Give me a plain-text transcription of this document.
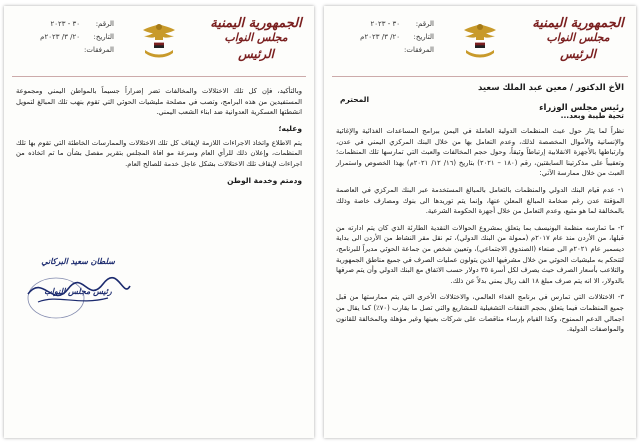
الجمهورية اليمنية
مجلس النواب
الرئيس
الرقم:٣٠ - ٢٠٢٣
التاريخ:٢٠/ ٣/ ٢٠٢٣م
المرفقات:

وبالتأكيد، فإن كل تلك الاختلالات والمخالفات تضر إضراراً جسيماً بالمواطن اليمني ومجموعة المستفيدين من هذه البرامج، وتصب في مصلحة مليشيات الحوثي التي تقوم بنهب تلك المبالغ لتمويل انشطتها العسكرية العدوانية ضد ابناء الشعب اليمني.

وعليه؛

يتم الاطلاع واتخاذ الاجراءات اللازمة لإيقاف كل تلك الاختلالات والممارسات الخاطئة التي تقوم بها تلك المنظمات، وإعلان ذلك للرأي العام وسرعة مو افاة المجلس بتقرير مفصل بشأن ما تم اتخاذه من اجراءات لإيقاف تلك الاختلالات بشكل عاجل خدمة للصالح العام.

ودمتم وخدمة الوطن
سلطان سعيد البركاني
رئيس مجلس النواب
الجمهورية اليمنية
مجلس النواب
الرئيس
الرقم:٣٠ - ٢٠٢٣
التاريخ:٢٠/ ٣/ ٢٠٢٣م
المرفقات:

الأخ الدكتور / معين عبد الملك سعيد

رئيس مجلس الوزراء
المحترم
تحية طيبة وبعد...

نظراً لما يثار حول عبث المنظمات الدولية العاملة في اليمن ببرامج المساعدات الغذائية والإغاثية والإنسانية والأموال المخصصة لذلك، وعدم التعامل بها من خلال البنك المركزي اليمني في عدن، وارتباطها بالأجهزة الانقلابية إرتباطاً وثيقاً، وحول حجم المخالفات والعبث التي تمارسها تلك المنظمات؛ وتعقيباً على مذكرتينا السابقتين، رقم (١٨٠ – ٢٠٢١) بتاريخ (١٦/ ١٢/ ٢٠٢١م) بهذا الخصوص واستمرار العبث من خلال ممارسة الآتي:

١- عدم قيام البنك الدولي والمنظمات بالتعامل بالمبالغ المستخدمة عبر البنك المركزي في العاصمة المؤقتة عدن رغم ضخامة المبالغ المعلن عنها، وإنما يتم توريدها الى بنوك ومصارف خاصة وذلك بالمخالفة لما هو متبع، وعدم التعامل من خلال أجهزة الحكومة الشرعية.

٢- ما تمارسه منظمة اليونيسف بما يتعلق بمشروع الحوالات النقدية الطارئة الذي كان يتم ادارته من قبلها، من الأردن منذ عام ٢٠١٧م (ممولة من البنك الدولي)، ثم نقل مقر النشاط من الأردن الى بداية ديسمبر عام ٢٠٢١م الى صنعاء (الصندوق الاجتماعي)، وتعيين شخص من جماعة الحوثي مديراً للبرنامج، لتتحكم به مليشيات الحوثي من خلال مشرفيها الذين يتولون عمليات الصرف في جميع مناطق الجمهورية والتلاعب بأسعار الصرف حيث يصرف لكل أسرة ٣٥ دولار حسب الاتفاق مع البنك الدولي وأن يتم صرفها بالدولار، الا انه يتم صرف مبلغ ١٨ الف ريال يمني بدلاً عن ذلك.

٣- الاختلالات التي تمارس في برنامج الغذاء العالمي، والاختلالات الأخرى التي يتم ممارستها من قبل جميع المنظمات فيما يتعلق بحجم النفقات التشغيلية للمشاريع والتي تصل ما يقارب (٧٠٪) كما يقال من اجمالي الدعم الممنوح، وكذا القيام بإرساء مناقصات على شركات بعينها وغير مؤهلة وبالمخالفة للقانون والمواصفات الدولية.
